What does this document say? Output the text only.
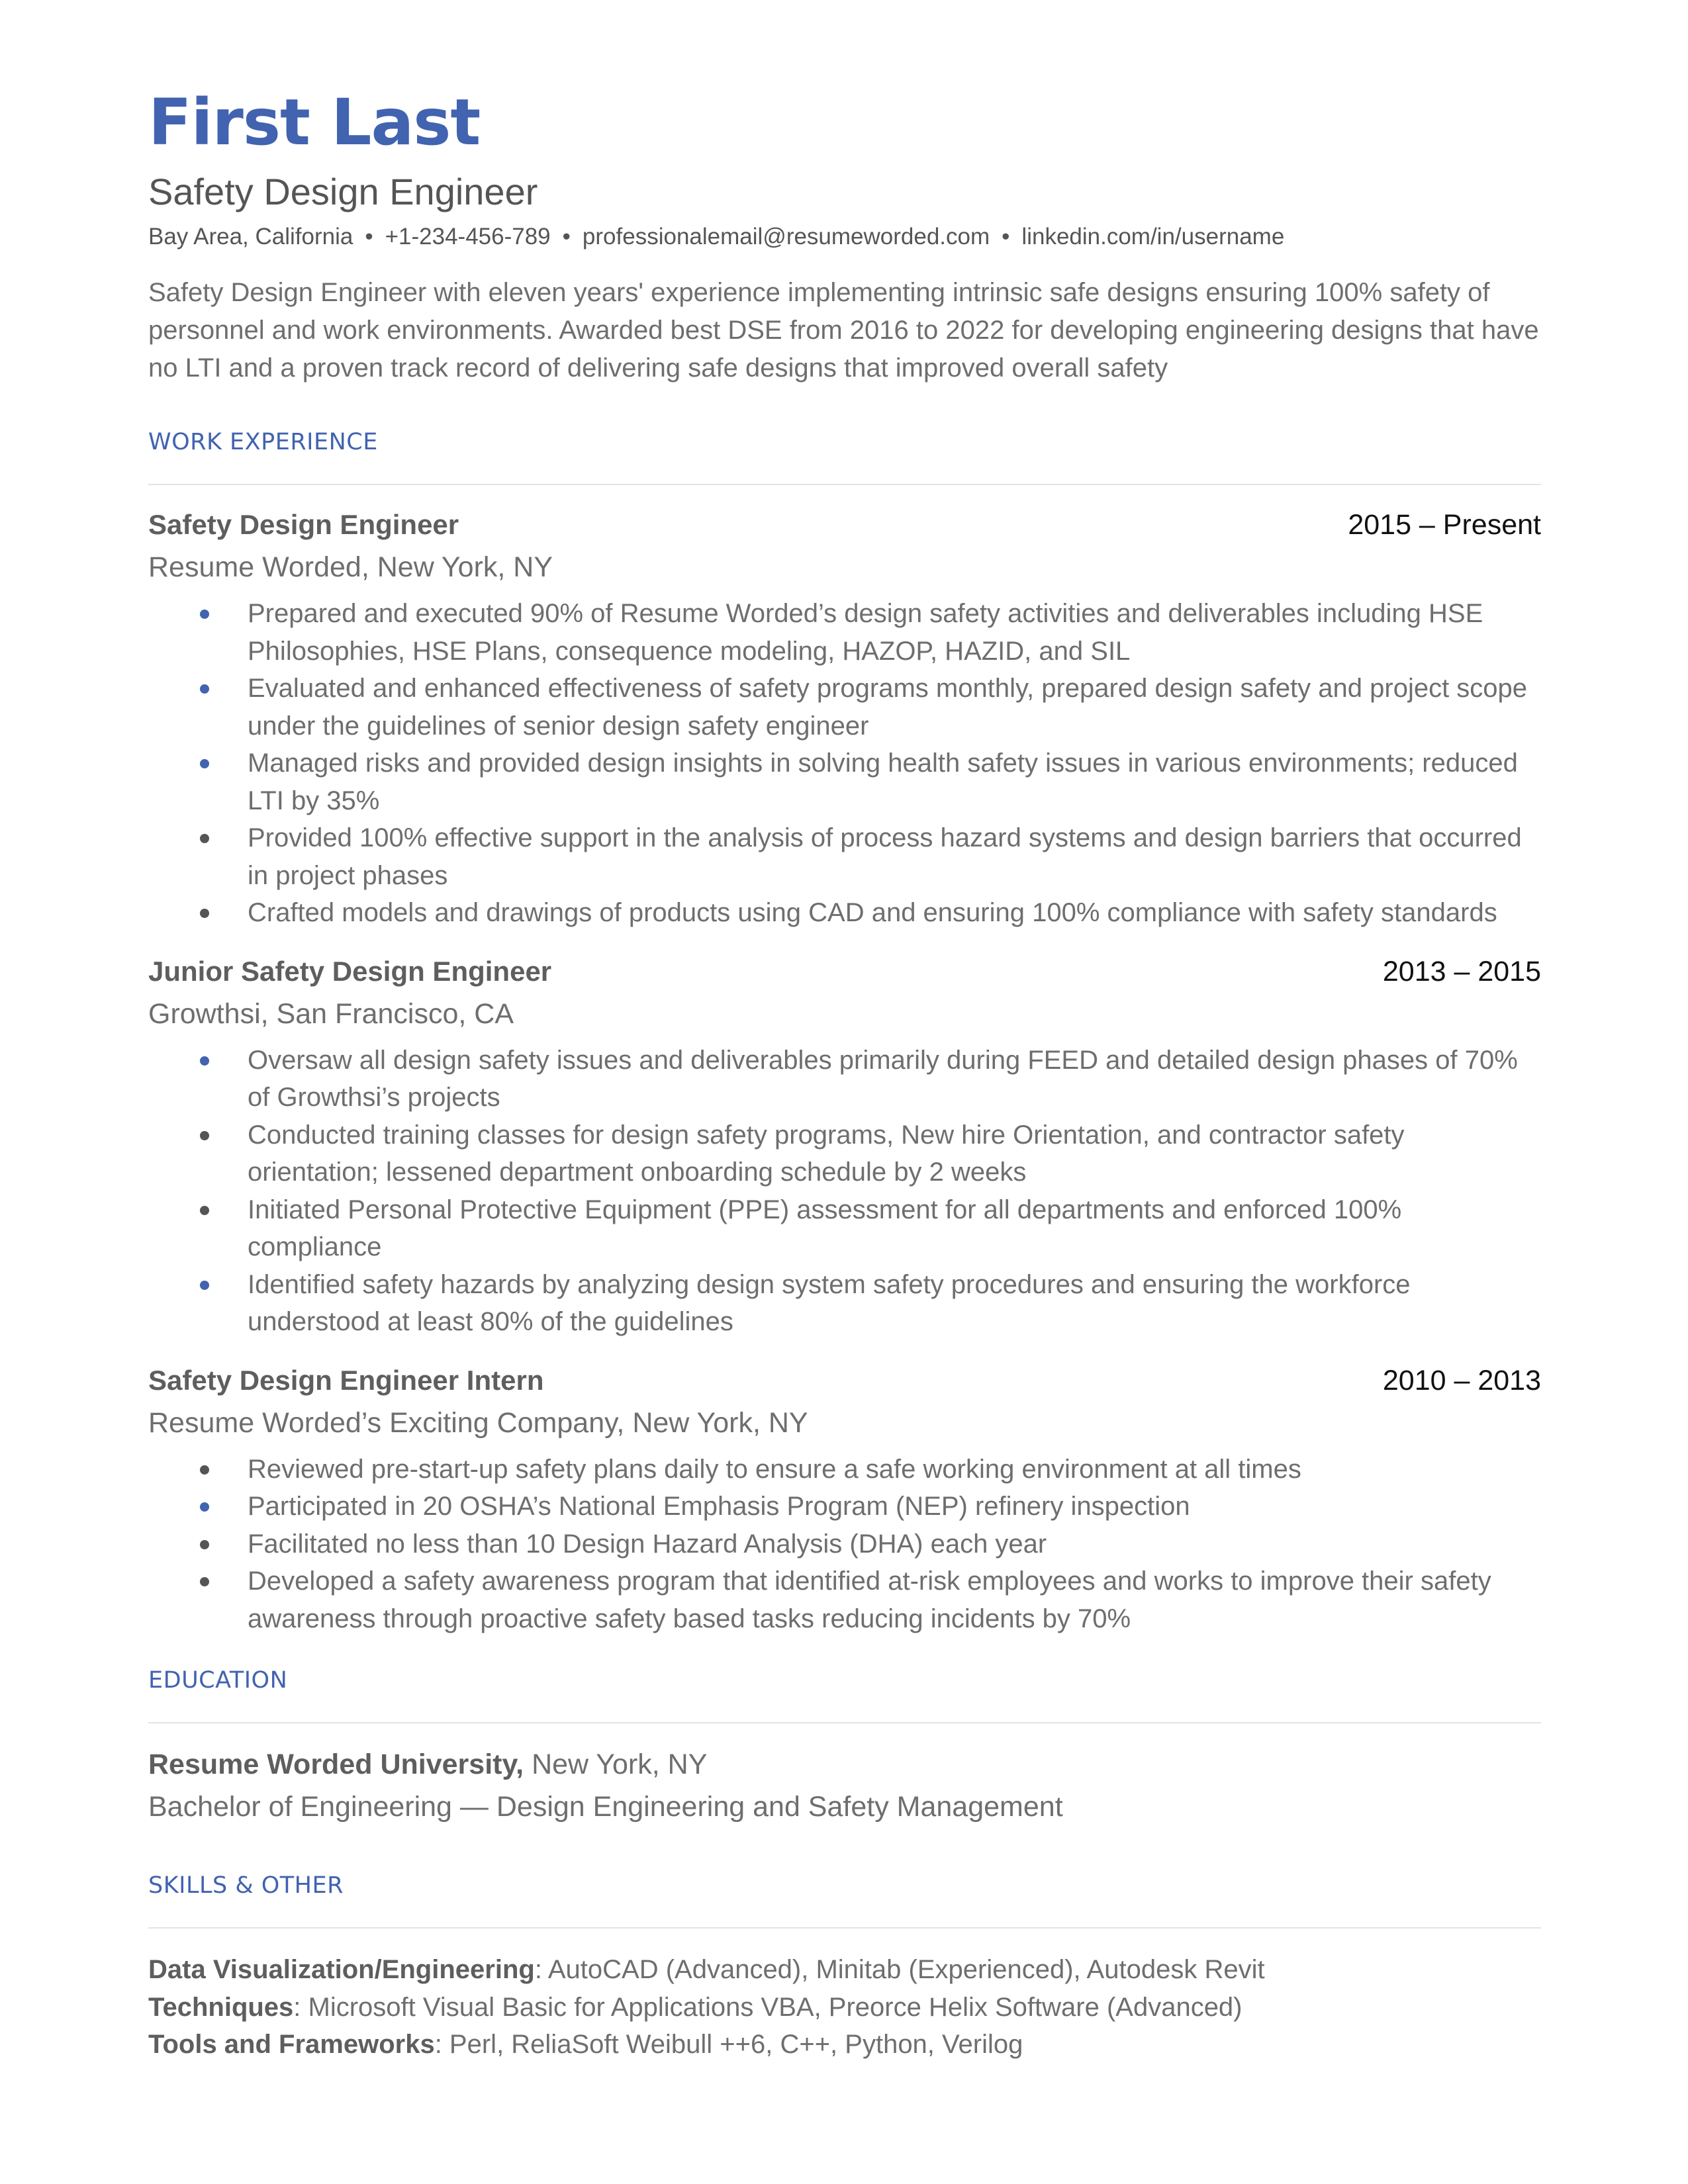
First Last
Safety Design Engineer
Bay Area, California • +1-234-456-789 • professionalemail@resumeworded.com • linkedin.com/in/username
Safety Design Engineer with eleven years' experience implementing intrinsic safe designs ensuring 100% safety of personnel and work environments. Awarded best DSE from 2016 to 2022 for developing engineering designs that have no LTI and a proven track record of delivering safe designs that improved overall safety
WORK EXPERIENCE
Safety Design Engineer	2015 – Present
Resume Worded, New York, NY
Prepared and executed 90% of Resume Worded’s design safety activities and deliverables including HSE Philosophies, HSE Plans, consequence modeling, HAZOP, HAZID, and SIL
Evaluated and enhanced effectiveness of safety programs monthly, prepared design safety and project scope under the guidelines of senior design safety engineer
Managed risks and provided design insights in solving health safety issues in various environments; reduced LTI by 35%
Provided 100% effective support in the analysis of process hazard systems and design barriers that occurred in project phases
Crafted models and drawings of products using CAD and ensuring 100% compliance with safety standards
Junior Safety Design Engineer	2013 – 2015
Growthsi, San Francisco, CA
Oversaw all design safety issues and deliverables primarily during FEED and detailed design phases of 70% of Growthsi’s projects
Conducted training classes for design safety programs, New hire Orientation, and contractor safety orientation; lessened department onboarding schedule by 2 weeks
Initiated Personal Protective Equipment (PPE) assessment for all departments and enforced 100% compliance
Identified safety hazards by analyzing design system safety procedures and ensuring the workforce understood at least 80% of the guidelines
Safety Design Engineer Intern	2010 – 2013
Resume Worded’s Exciting Company, New York, NY
Reviewed pre-start-up safety plans daily to ensure a safe working environment at all times
Participated in 20 OSHA’s National Emphasis Program (NEP) refinery inspection
Facilitated no less than 10 Design Hazard Analysis (DHA) each year
Developed a safety awareness program that identified at-risk employees and works to improve their safety awareness through proactive safety based tasks reducing incidents by 70%
EDUCATION
Resume Worded University, New York, NY
Bachelor of Engineering — Design Engineering and Safety Management
SKILLS & OTHER
Data Visualization/Engineering: AutoCAD (Advanced), Minitab (Experienced), Autodesk Revit
Techniques: Microsoft Visual Basic for Applications VBA, Preorce Helix Software (Advanced)
Tools and Frameworks: Perl, ReliaSoft Weibull ++6, C++, Python, Verilog
